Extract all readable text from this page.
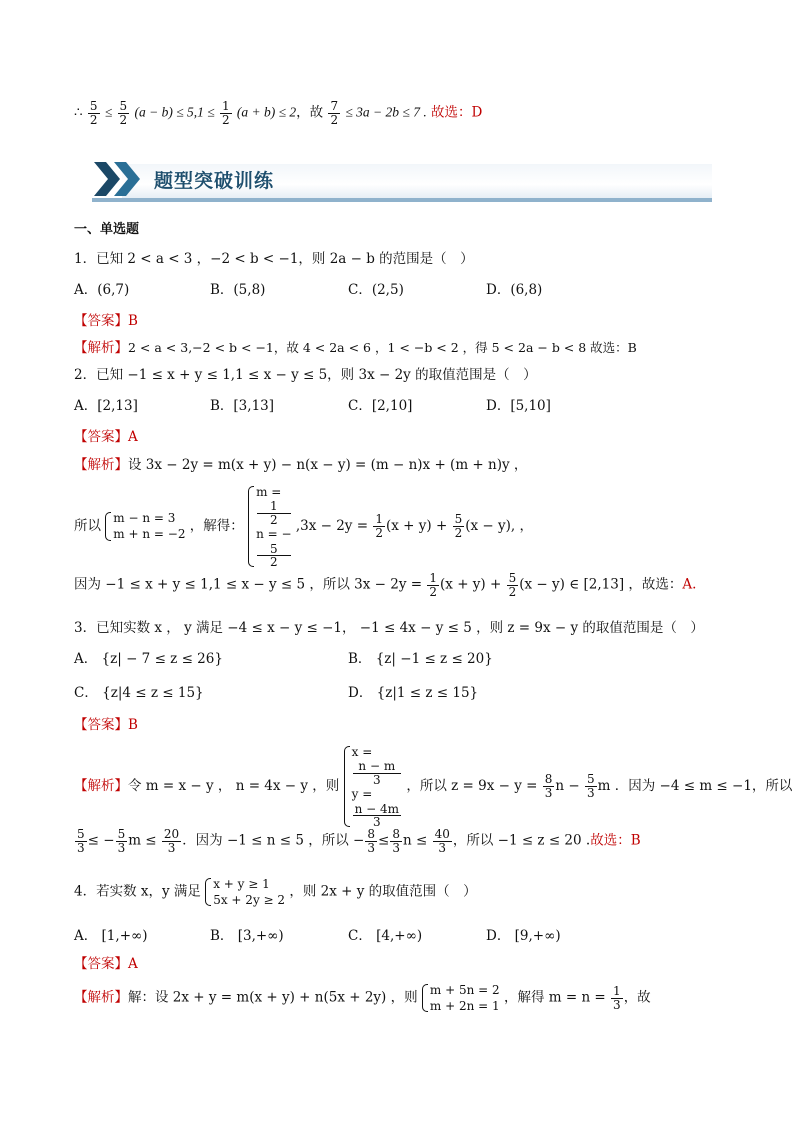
∴ $\frac{5}{2} \le \frac{5}{2} (a - b) \le 5,1 \le \frac{1}{2} (a + b) \le 2$，故 $\frac{7}{2} \le 3a - 2b \le 7$ . 故选：D
题型突破训练
一、单选题
1．已知 2 < a < 3 ，−2 < b < −1，则 2a − b 的范围是（　）
A．(6,7)	B．(5,8)	C．(2,5)	D．(6,8)
【答案】B
【解析】2 < a < 3,−2 < b < −1，故 4 < 2a < 6 ，1 < −b < 2 ，得 5 < 2a − b < 8 故选：B
2．已知 −1 ≤ x + y ≤ 1,1 ≤ x − y ≤ 5，则 3x − 2y 的取值范围是（　）
A．[2,13]	B．[3,13]	C．[2,10]	D．[5,10]
【答案】A
【解析】设 3x − 2y = m(x + y) − n(x − y) = (m − n)x + (m + n)y ，
所以 m − n = 3
m + n = −2
，解得：
m =
1
2
n = −
5
2
$,3x - 2y = \frac{1}{2} (x + y) + \frac{5}{2} (x - y)$, ，
因为 −1 ≤ x + y ≤ 1,1 ≤ x − y ≤ 5 ，所以 $3x - 2y = \frac{1}{2} (x + y) + \frac{5}{2} (x - y)$ ∈ [2,13] ，故选：A.
3．已知实数 x ， y 满足 −4 ≤ x − y ≤ −1， −1 ≤ 4x − y ≤ 5 ，则 z = 9x − y 的取值范围是（　）
A． {z| − 7 ≤ z ≤ 26}	B． {z| −1 ≤ z ≤ 20}
C． {z|4 ≤ z ≤ 15}	D． {z|1 ≤ z ≤ 15}
【答案】B
【解析】令 m = x − y ， n = 4x − y ，则
x =
n − m
3
y =
n − 4m
3
，所以 $z = 9x - y = \frac{8}{3}$ $n - \frac{5}{3}$ m ．因为 −4 ≤ m ≤ −1，所以
$\frac{5}{3}$ ≤ − $\frac{5}{3}$ $m \le \frac{20}{3}$ ．因为 −1 ≤ n ≤ 5 ，所以 − $\frac{8}{3} \le \frac{8}{3}$ $n \le \frac{40}{3}$ ，所以 −1 ≤ z ≤ 20 .故选：B
4．若实数 x，y 满足 x + y ≥ 1
5x + 2y ≥ 2
，则 2x + y 的取值范围（　）
A． [1,+∞)	B． [3,+∞)	C． [4,+∞)	D． [9,+∞)
【答案】A
【解析】解：设 2x + y = m(x + y) + n(5x + 2y) ，则 m + 5n = 2
m + 2n = 1
，解得 $m = n = \frac{1}{3}$ ，故
